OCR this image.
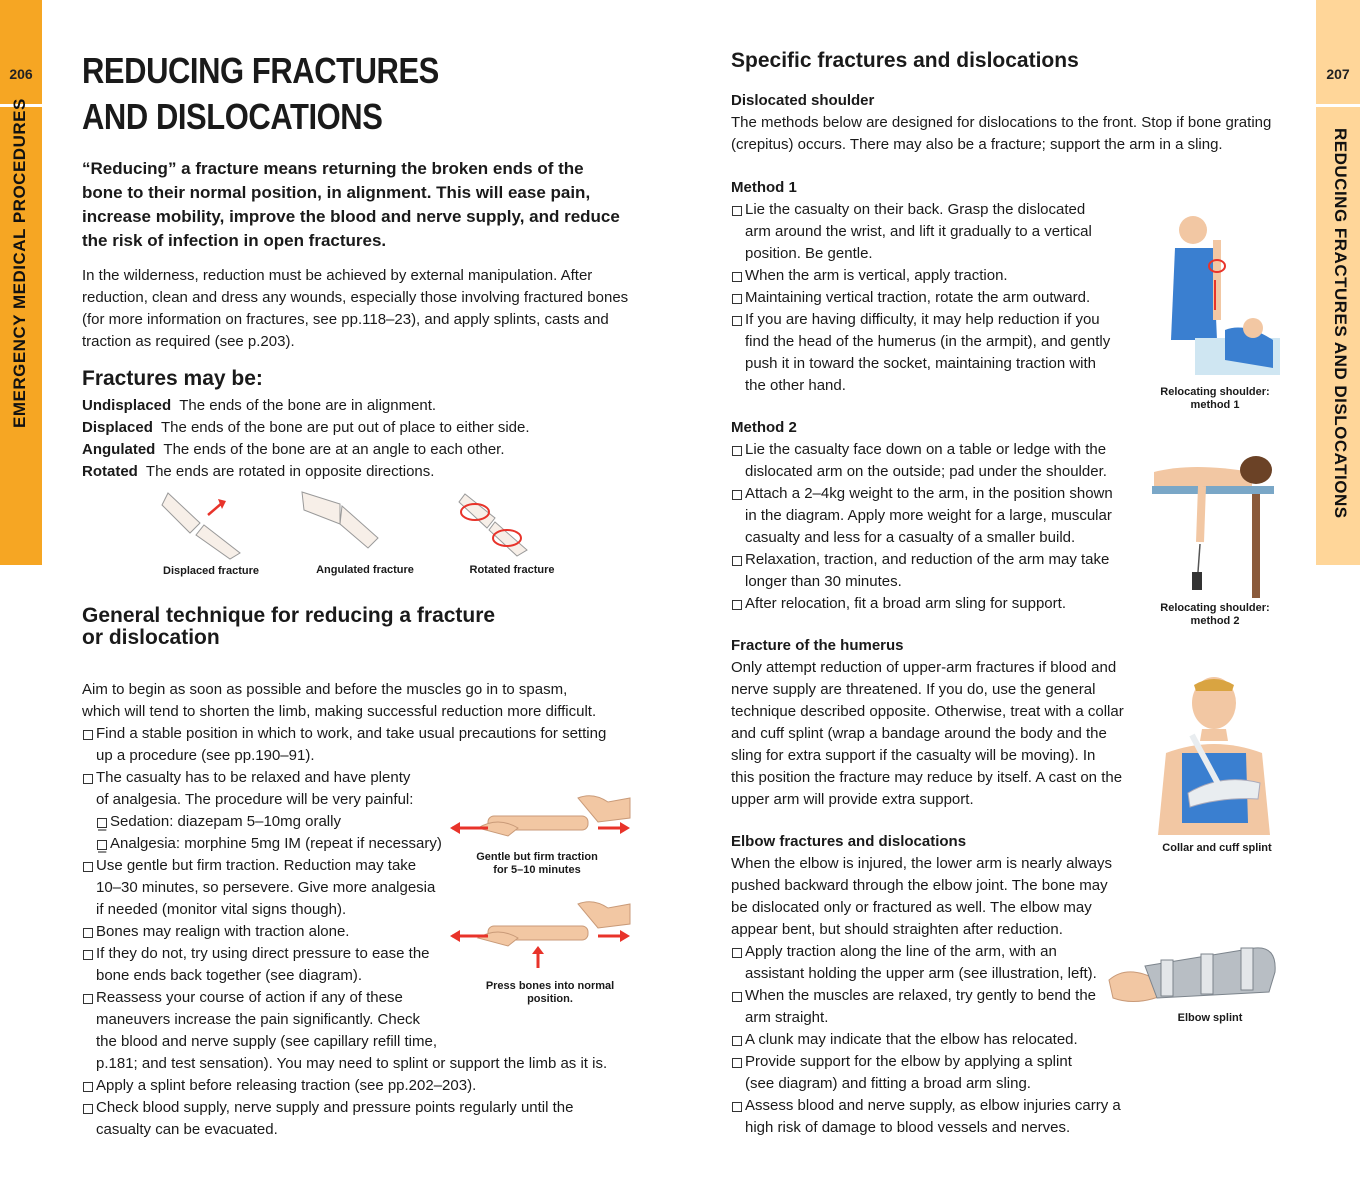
206
EMERGENCY MEDICAL PROCEDURES
207
REDUCING FRACTURES AND DISLOCATIONS
REDUCING FRACTURES
AND DISLOCATIONS
“Reducing” a fracture means returning the broken ends of the bone to their normal position, in alignment. This will ease pain, increase mobility, improve the blood and nerve supply, and reduce the risk of infection in open fractures.
In the wilderness, reduction must be achieved by external manipulation. After
reduction, clean and dress any wounds, especially those involving fractured bones
(for more information on fractures, see pp.118–23), and apply splints, casts and
traction as required (see p.203).
Fractures may be:
Undisplaced The ends of the bone are in alignment.
Displaced The ends of the bone are put out of place to either side.
Angulated The ends of the bone are at an angle to each other.
Rotated The ends are rotated in opposite directions.
Displaced fracture	Angulated fracture	Rotated fracture
General technique for reducing a fracture
or dislocation
Aim to begin as soon as possible and before the muscles go in to spasm,
which will tend to shorten the limb, making successful reduction more difficult.
Find a stable position in which to work, and take usual precautions for setting
up a procedure (see pp.190–91).
The casualty has to be relaxed and have plenty
of analgesia. The procedure will be very painful:
– Sedation: diazepam 5–10mg orally
– Analgesia: morphine 5mg IM (repeat if necessary)
Use gentle but firm traction. Reduction may take
10–30 minutes, so persevere. Give more analgesia
if needed (monitor vital signs though).
Bones may realign with traction alone.
If they do not, try using direct pressure to ease the
bone ends back together (see diagram).
Reassess your course of action if any of these
maneuvers increase the pain significantly. Check
the blood and nerve supply (see capillary refill time,
p.181; and test sensation). You may need to splint or support the limb as it is.
Apply a splint before releasing traction (see pp.202–203).
Check blood supply, nerve supply and pressure points regularly until the
casualty can be evacuated.
Gentle but firm traction
for 5–10 minutes
Press bones into normal
position.
Specific fractures and dislocations
Dislocated shoulder
The methods below are designed for dislocations to the front. Stop if bone grating
(crepitus) occurs. There may also be a fracture; support the arm in a sling.
Method 1
Lie the casualty on their back. Grasp the dislocated
arm around the wrist, and lift it gradually to a vertical
position. Be gentle.
When the arm is vertical, apply traction.
Maintaining vertical traction, rotate the arm outward.
If you are having difficulty, it may help reduction if you
find the head of the humerus (in the armpit), and gently
push it in toward the socket, maintaining traction with
the other hand.	Relocating shoulder:
method 1
Method 2
Lie the casualty face down on a table or ledge with the
dislocated arm on the outside; pad under the shoulder.
Attach a 2–4kg weight to the arm, in the position shown
in the diagram. Apply more weight for a large, muscular
casualty and less for a casualty of a smaller build.
Relaxation, traction, and reduction of the arm may take
longer than 30 minutes.
After relocation, fit a broad arm sling for support.	Relocating shoulder:
method 2
Fracture of the humerus
Only attempt reduction of upper-arm fractures if blood and
nerve supply are threatened. If you do, use the general
technique described opposite. Otherwise, treat with a collar
and cuff splint (wrap a bandage around the body and the
sling for extra support if the casualty will be moving). In
this position the fracture may reduce by itself. A cast on the
upper arm will provide extra support.
Collar and cuff splint
Elbow fractures and dislocations
When the elbow is injured, the lower arm is nearly always
pushed backward through the elbow joint. The bone may
be dislocated only or fractured as well. The elbow may
appear bent, but should straighten after reduction.
Apply traction along the line of the arm, with an
assistant holding the upper arm (see illustration, left).
When the muscles are relaxed, try gently to bend the
arm straight.
A clunk may indicate that the elbow has relocated.
Provide support for the elbow by applying a splint
(see diagram) and fitting a broad arm sling.
Assess blood and nerve supply, as elbow injuries carry a
high risk of damage to blood vessels and nerves.
Elbow splint
